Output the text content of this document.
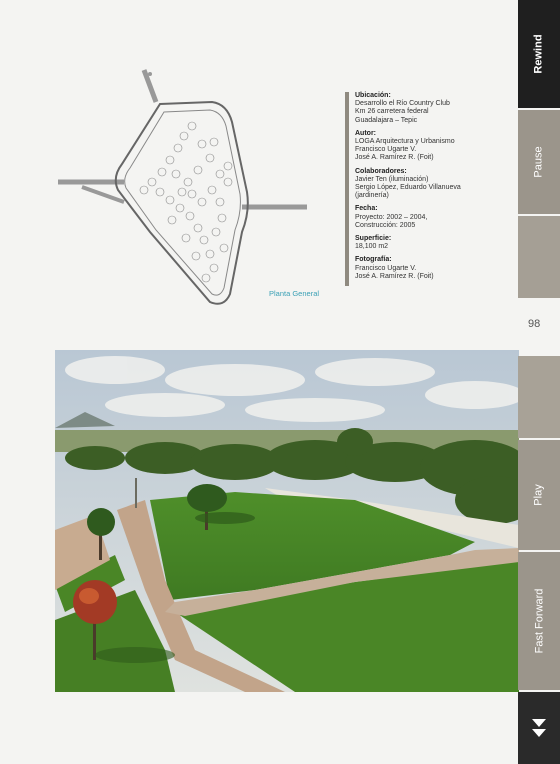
Planta General
Ubicación:
Desarrollo el Río Country Club
Km 26 carretera federal
Guadalajara – Tepic
Autor:
LOGA Arquitectura y Urbanismo
Francisco Ugarte V.
José A. Ramírez R. (Foit)
Colaboradores:
Javier Ten (iluminación)
Sergio López, Eduardo Villanueva
(jardinería)
Fecha:
Proyecto: 2002 – 2004,
Construcción: 2005
Superficie:
18,100 m2
Fotografía:
Francisco Ugarte V.
José A. Ramírez R. (Foit)
98
Rewind
Pause
Play
Fast Forward
